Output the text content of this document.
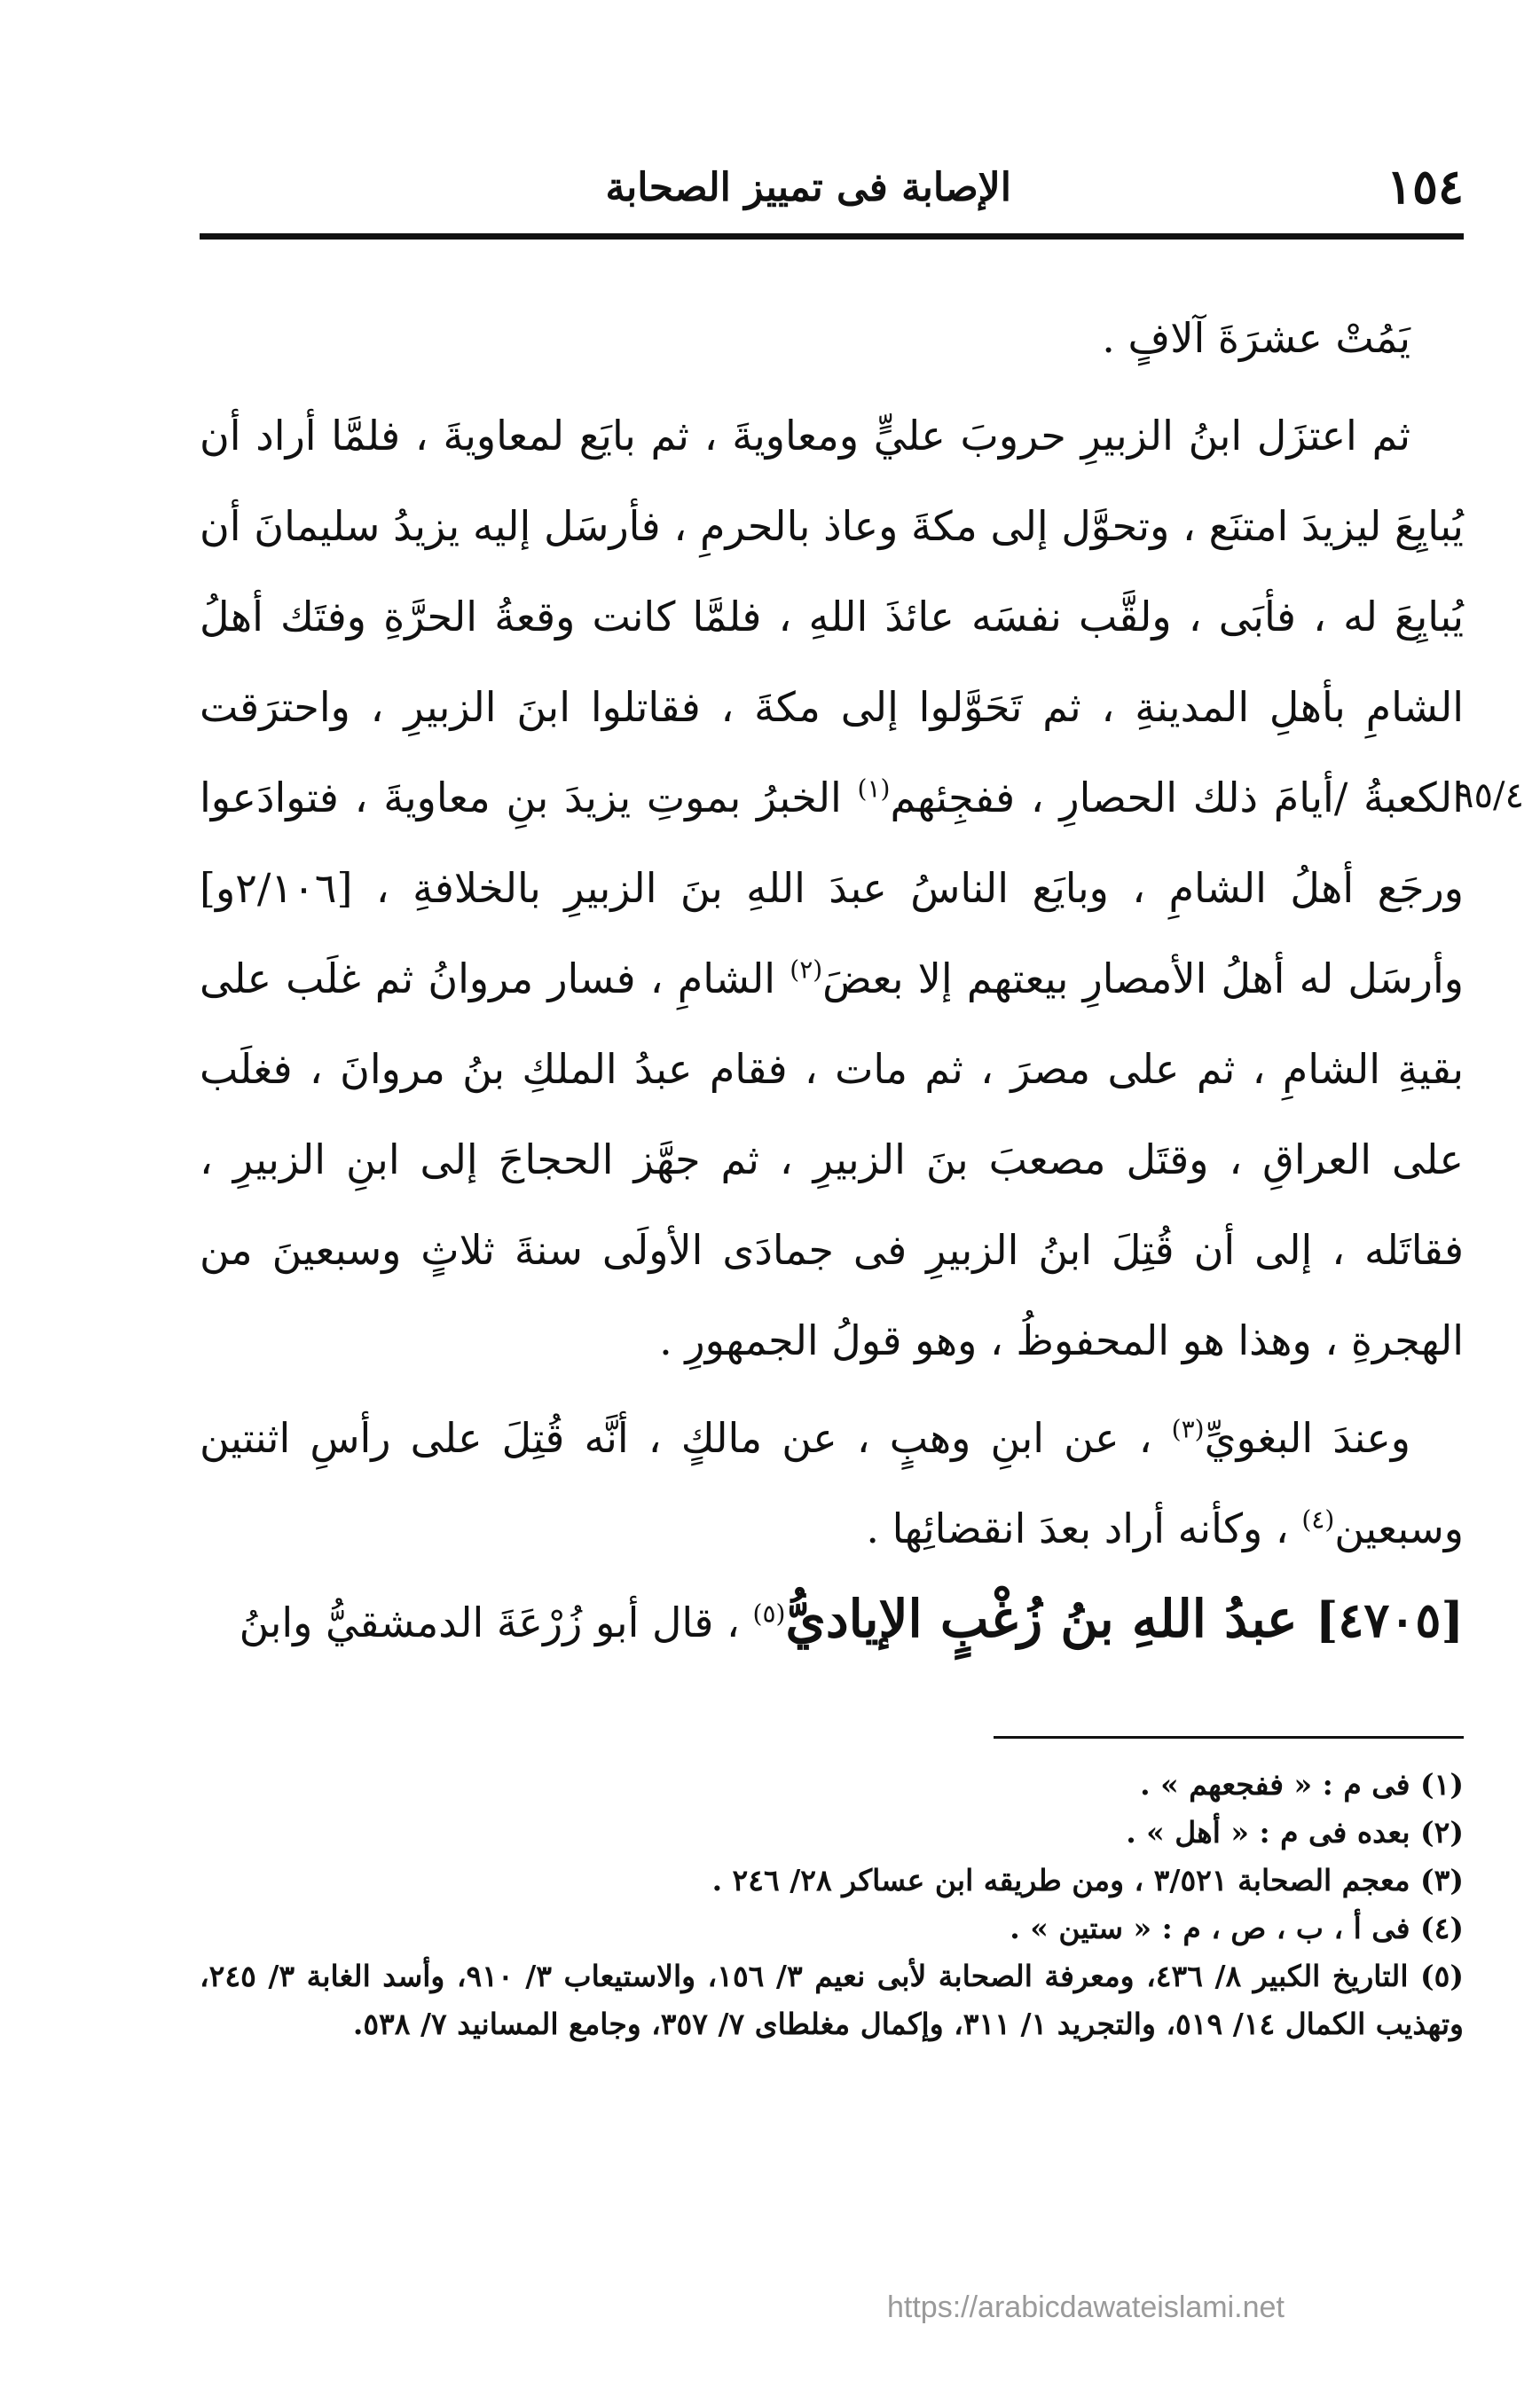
١٥٤
الإصابة فى تمييز الصحابة
٩٥/٤

يَمُتْ عشرَةَ آلافٍ .

ثم اعتزَل ابنُ الزبيرِ حروبَ عليٍّ ومعاويةَ ، ثم بايَع لمعاويةَ ، فلمَّا أراد أن يُبايِعَ ليزيدَ امتنَع ، وتحوَّل إلى مكةَ وعاذ بالحرمِ ، فأرسَل إليه يزيدُ سليمانَ أن يُبايِعَ له ، فأبَى ، ولقَّب نفسَه عائذَ اللهِ ، فلمَّا كانت وقعةُ الحرَّةِ وفتَك أهلُ الشامِ بأهلِ المدينةِ ، ثم تَحَوَّلوا إلى مكةَ ، فقاتلوا ابنَ الزبيرِ ، واحترَقت الكعبةُ /أيامَ ذلك الحصارِ ، ففجِئهم$^{(١)}$ الخبرُ بموتِ يزيدَ بنِ معاويةَ ، فتوادَعوا ورجَع أهلُ الشامِ ، وبايَع الناسُ عبدَ اللهِ بنَ الزبيرِ بالخلافةِ ، [٢/١٠٦و] وأرسَل له أهلُ الأمصارِ بيعتهم إلا بعضَ$^{(٢)}$ الشامِ ، فسار مروانُ ثم غلَب على بقيةِ الشامِ ، ثم على مصرَ ، ثم مات ، فقام عبدُ الملكِ بنُ مروانَ ، فغلَب على العراقِ ، وقتَل مصعبَ بنَ الزبيرِ ، ثم جهَّز الحجاجَ إلى ابنِ الزبيرِ ، فقاتَله ، إلى أن قُتِلَ ابنُ الزبيرِ فى جمادَى الأولَى سنةَ ثلاثٍ وسبعينَ من الهجرةِ ، وهذا هو المحفوظُ ، وهو قولُ الجمهورِ .

وعندَ البغويِّ$^{(٣)}$ ، عن ابنِ وهبٍ ، عن مالكٍ ، أنَّه قُتِلَ على رأسِ اثنتين وسبعين$^{(٤)}$ ، وكأنه أراد بعدَ انقضائِها .

[٤٧٠٥] عبدُ اللهِ بنُ زُغْبٍ الإياديُّ$^{(٥)}$ ، قال أبو زُرْعَةَ الدمشقيُّ وابنُ

(١) فى م : « ففجعهم » .
(٢) بعده فى م : « أهل » .
(٣) معجم الصحابة ٣/٥٢١ ، ومن طريقه ابن عساكر ٢٨/ ٢٤٦ .
(٤) فى أ ، ب ، ص ، م : « ستين » .
(٥) التاريخ الكبير ٨/ ٤٣٦، ومعرفة الصحابة لأبى نعيم ٣/ ١٥٦، والاستيعاب ٣/ ٩١٠، وأسد الغابة ٣/ ٢٤٥، وتهذيب الكمال ١٤/ ٥١٩، والتجريد ١/ ٣١١، وإكمال مغلطاى ٧/ ٣٥٧، وجامع المسانيد ٧/ ٥٣٨.
https://arabicdawateislami.net
